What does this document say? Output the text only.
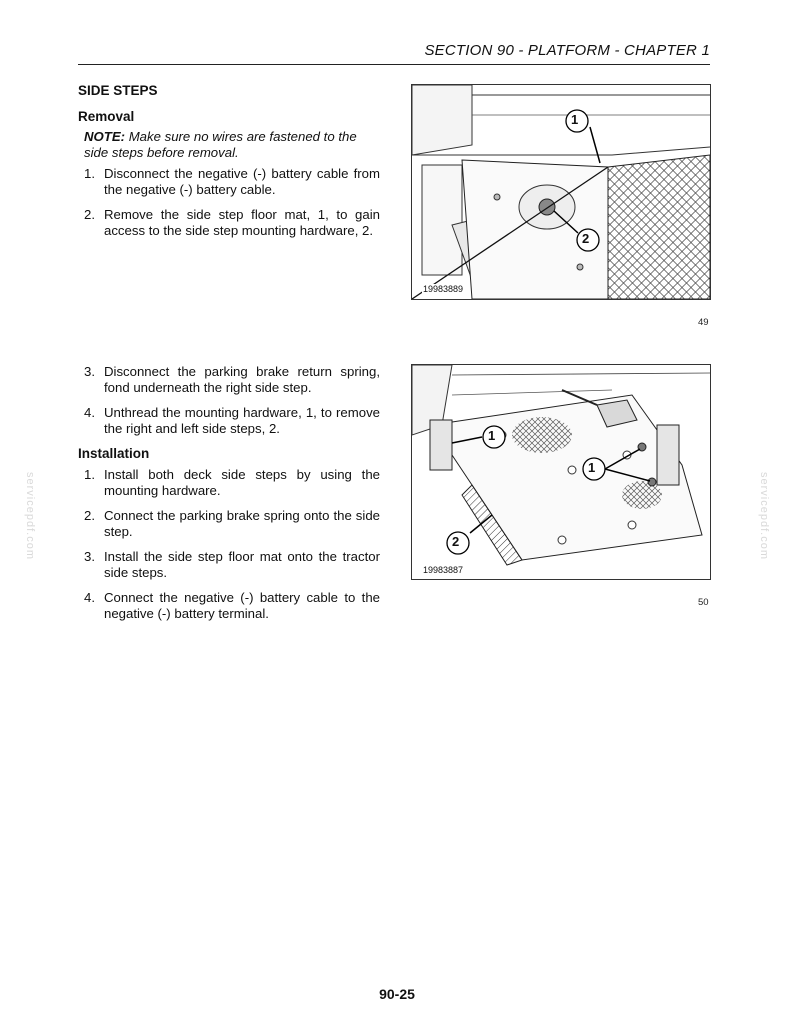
SECTION 90 - PLATFORM - CHAPTER 1
servicepdf.com	servicepdf.com
SIDE STEPS
Removal

NOTE: Make sure no wires are fastened to the side steps before removal.

1. Disconnect the negative (-) battery cable from the negative (-) battery cable.
2. Remove the side step floor mat, 1, to gain access to the side step mounting hardware, 2.
3. Disconnect the parking brake return spring, fond underneath the right side step.
4. Unthread the mounting hardware, 1, to remove the right and left side steps, 2.
Installation
1. Install both deck side steps by using the mounting hardware.
2. Connect the parking brake spring onto the side step.
3. Install the side step floor mat onto the tractor side steps.
4. Connect the negative (-) battery cable to the negative (-) battery terminal.
1
2
19983889
49
1
1
2
19983887
50
90-25
